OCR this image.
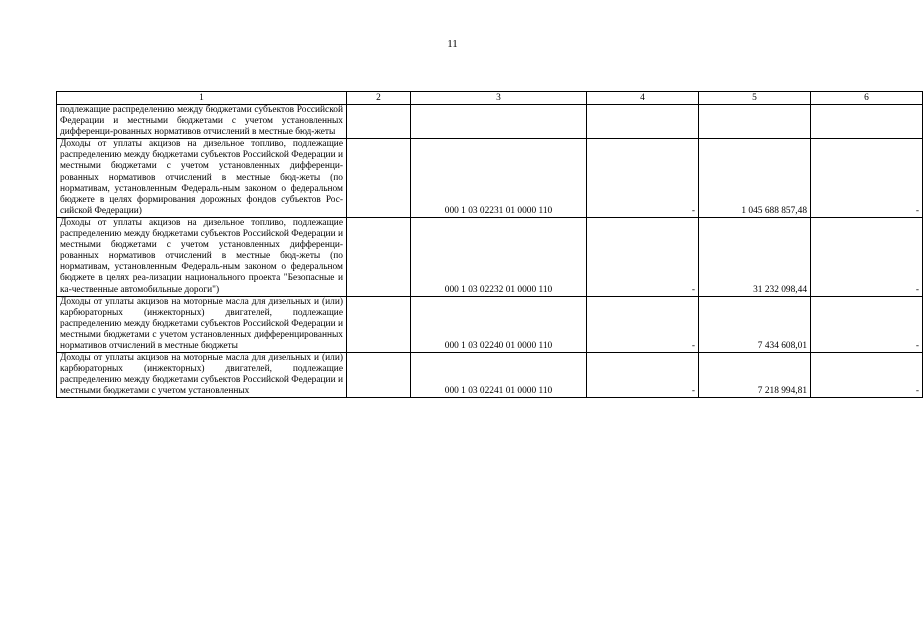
11
1	2	3	4	5	6
подлежащие распределению между бюджетами субъектов Российской Федерации и местными бюджетами с учетом установленных дифференци-рованных нормативов отчислений в местные бюд-жеты					
Доходы от уплаты акцизов на дизельное топливо, подлежащие распределению между бюджетами субъектов Российской Федерации и местными бюджетами с учетом установленных дифференци-рованных нормативов отчислений в местные бюд-жеты (по нормативам, установленным Федераль-ным законом о федеральном бюджете в целях формирования дорожных фондов субъектов Рос-сийской Федерации)		000 1 03 02231 01 0000 110	-	1 045 688 857,48	-
Доходы от уплаты акцизов на дизельное топливо, подлежащие распределению между бюджетами субъектов Российской Федерации и местными бюджетами с учетом установленных дифференци-рованных нормативов отчислений в местные бюд-жеты (по нормативам, установленным Федераль-ным законом о федеральном бюджете в целях реа-лизации национального проекта "Безопасные и ка-чественные автомобильные дороги")		000 1 03 02232 01 0000 110	-	31 232 098,44	-
Доходы от уплаты акцизов на моторные масла для дизельных и (или) карбюраторных (инжекторных) двигателей, подлежащие распределению между бюджетами субъектов Российской Федерации и местными бюджетами с учетом установленных дифференцированных нормативов отчислений в местные бюджеты		000 1 03 02240 01 0000 110	-	7 434 608,01	-
Доходы от уплаты акцизов на моторные масла для дизельных и (или) карбюраторных (инжекторных) двигателей, подлежащие распределению между бюджетами субъектов Российской Федерации и местными бюджетами с учетом установленных		000 1 03 02241 01 0000 110	-	7 218 994,81	-
